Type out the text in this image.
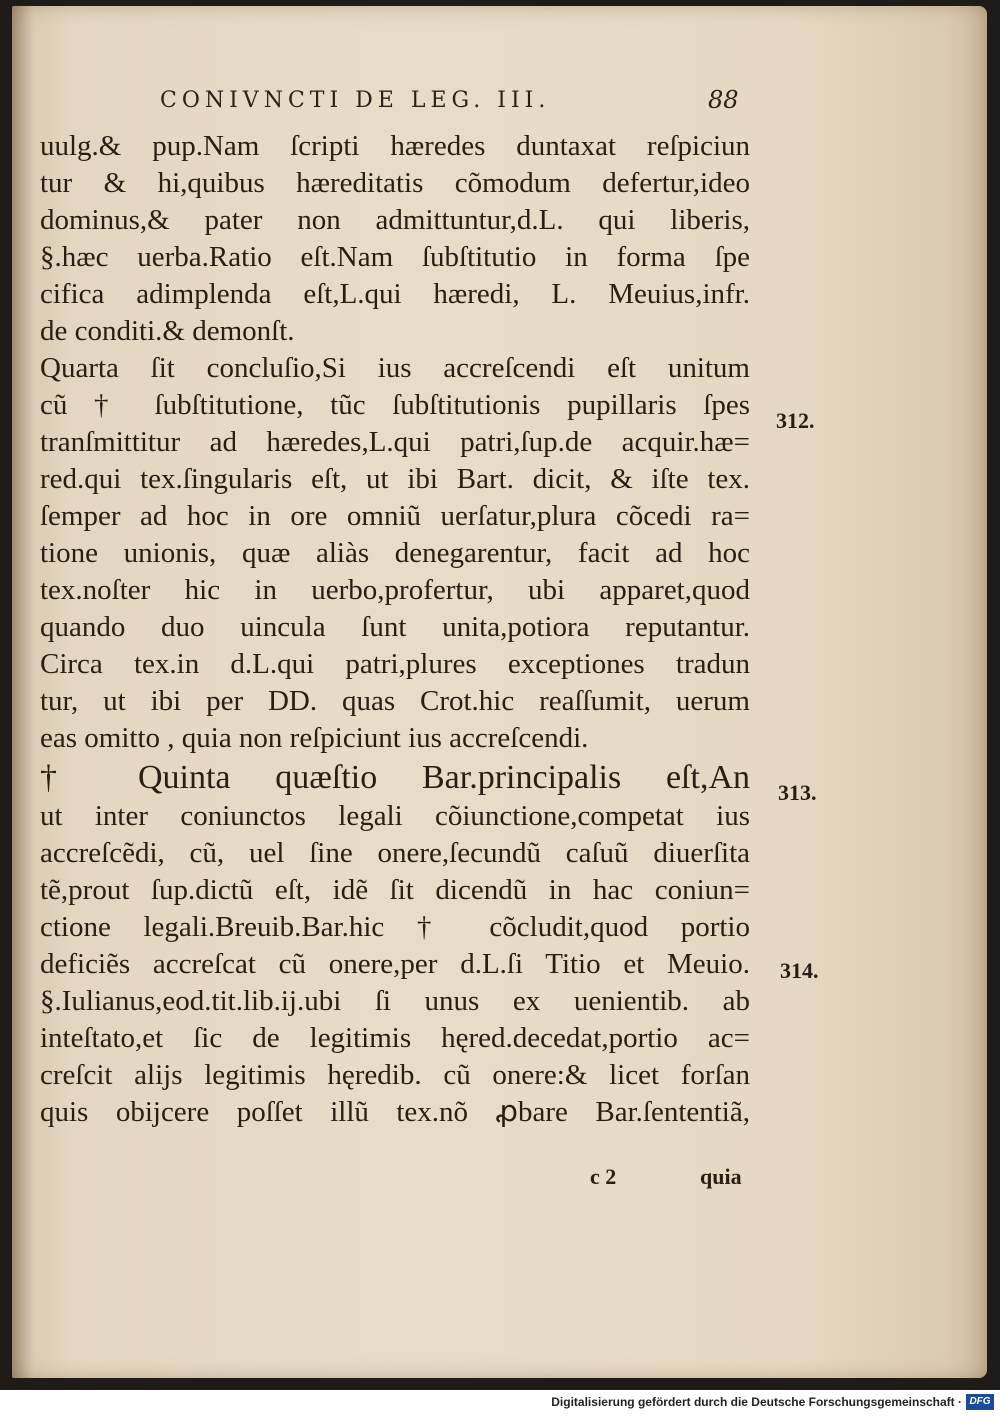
CONIVNCTI DE LEG. III.	88
uulg.& pup.Nam ſcripti hæredes duntaxat reſpiciun
tur & hi,quibus hæreditatis cõmodum defertur,ideo
dominus,& pater non admittuntur,d.L. qui liberis,
§.hæc uerba.Ratio eſt.Nam ſubſtitutio in forma ſpe
cifica adimplenda eſt,L.qui hæredi, L. Meuius,infr.
de conditi.& demonſt.
Quarta ſit concluſio,Si ius accreſcendi eſt unitum
cũ † ſubſtitutione, tũc ſubſtitutionis pupillaris ſpes
tranſmittitur ad hæredes,L.qui patri,ſup.de acquir.hæ=
red.qui tex.ſingularis eſt, ut ibi Bart. dicit, & iſte tex.
ſemper ad hoc in ore omniũ uerſatur,plura cõcedi ra=
tione unionis, quæ aliàs denegarentur, facit ad hoc
tex.noſter hic in uerbo,profertur, ubi apparet,quod
quando duo uincula ſunt unita,potiora reputantur.
Circa tex.in d.L.qui patri,plures exceptiones tradun
tur, ut ibi per DD. quas Crot.hic reaſſumit, uerum
eas omitto , quia non reſpiciunt ius accreſcendi.
† Quinta quæſtio Bar.principalis eſt,An
ut inter coniunctos legali cõiunctione,competat ius
accreſcẽdi, cũ, uel ſine onere,ſecundũ caſuũ diuerſita
tẽ,prout ſup.dictũ eſt, idẽ ſit dicendũ in hac coniun=
ctione legali.Breuib.Bar.hic † cõcludit,quod portio
deficiẽs accreſcat cũ onere,per d.L.ſi Titio et Meuio.
§.Iulianus,eod.tit.lib.ij.ubi ſi unus ex uenientib. ab
inteſtato,et ſic de legitimis hęred.decedat,portio ac=
creſcit alijs legitimis hęredib. cũ onere:& licet forſan
quis obijcere poſſet illũ tex.nõ ꝓbare Bar.ſententiã,
312.
313.
314.
c 2	quia
Digitalisierung gefördert durch die Deutsche Forschungsgemeinschaft · DFG
